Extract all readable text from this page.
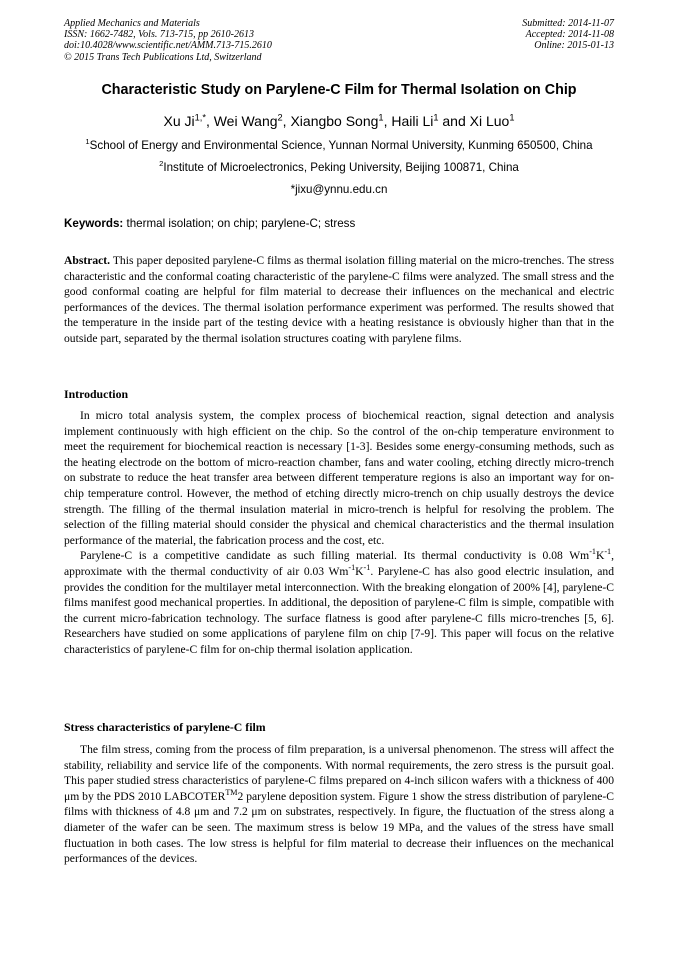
Applied Mechanics and Materials
ISSN: 1662-7482, Vols. 713-715, pp 2610-2613
doi:10.4028/www.scientific.net/AMM.713-715.2610
© 2015 Trans Tech Publications Ltd, Switzerland
Submitted: 2014-11-07
Accepted: 2014-11-08
Online: 2015-01-13
Characteristic Study on Parylene-C Film for Thermal Isolation on Chip
Xu $Ji^{1,*}$, Wei Wang$^2$, Xiangbo Song$^1$, Haili Li$^1$ and Xi Luo$^1$
$^1$School of Energy and Environmental Science, Yunnan Normal University, Kunming 650500, China
$^2$Institute of Microelectronics, Peking University, Beijing 100871, China
*jixu@ynnu.edu.cn
Keywords: thermal isolation; on chip; parylene-C; stress
Abstract. This paper deposited parylene-C films as thermal isolation filling material on the micro-trenches. The stress characteristic and the conformal coating characteristic of the parylene-C films were analyzed. The small stress and the good conformal coating are helpful for film material to decrease their influences on the mechanical and electric performances of the devices. The thermal isolation performance experiment was performed. The results showed that the temperature in the inside part of the testing device with a heating resistance is obviously higher than that in the outside part, separated by the thermal isolation structures coating with parylene films.
Introduction

In micro total analysis system, the complex process of biochemical reaction, signal detection and analysis implement continuously with high efficient on the chip. So the control of the on-chip temperature environment to meet the requirement for biochemical reaction is necessary [1-3]. Besides some energy-consuming methods, such as the heating electrode on the bottom of micro-reaction chamber, fans and water cooling, etching directly micro-trench on substrate to reduce the heat transfer area between different temperature regions is also an important way for on-chip temperature control. However, the method of etching directly micro-trench on chip usually destroys the device strength. The filling of the thermal insulation material in micro-trench is helpful for resolving the problem. The selection of the filling material should consider the physical and chemical characteristics and the thermal insulation performance of the material, the fabrication process and the cost, etc.

Parylene-C is a competitive candidate as such filling material. Its thermal conductivity is 0.08 $Wm^{-1}K^{-1}$, approximate with the thermal conductivity of air 0.03 $Wm^{-1}K^{-1}$. Parylene-C has also good electric insulation, and provides the condition for the multilayer metal interconnection. With the breaking elongation of 200% [4], parylene-C films manifest good mechanical properties. In additional, the deposition of parylene-C film is simple, compatible with the current micro-fabrication technology. The surface flatness is good after parylene-C fills micro-trenches [5, 6]. Researchers have studied on some applications of parylene film on chip [7-9]. This paper will focus on the relative characteristics of parylene-C film for on-chip thermal isolation application.

Stress characteristics of parylene-C film

The film stress, coming from the process of film preparation, is a universal phenomenon. The stress will affect the stability, reliability and service life of the components. With normal requirements, the zero stress is the pursuit goal. This paper studied stress characteristics of parylene-C films prepared on 4-inch silicon wafers with a thickness of 400 μm by the PDS 2010 LABCOTER™2 parylene deposition system. Figure 1 show the stress distribution of parylene-C films with thickness of 4.8 μm and 7.2 μm on substrates, respectively. In figure, the fluctuation of the stress along a diameter of the wafer can be seen. The maximum stress is below 19 MPa, and the values of the stress have small fluctuation in both cases. The low stress is helpful for film material to decrease their influences on the mechanical performances of the devices.
